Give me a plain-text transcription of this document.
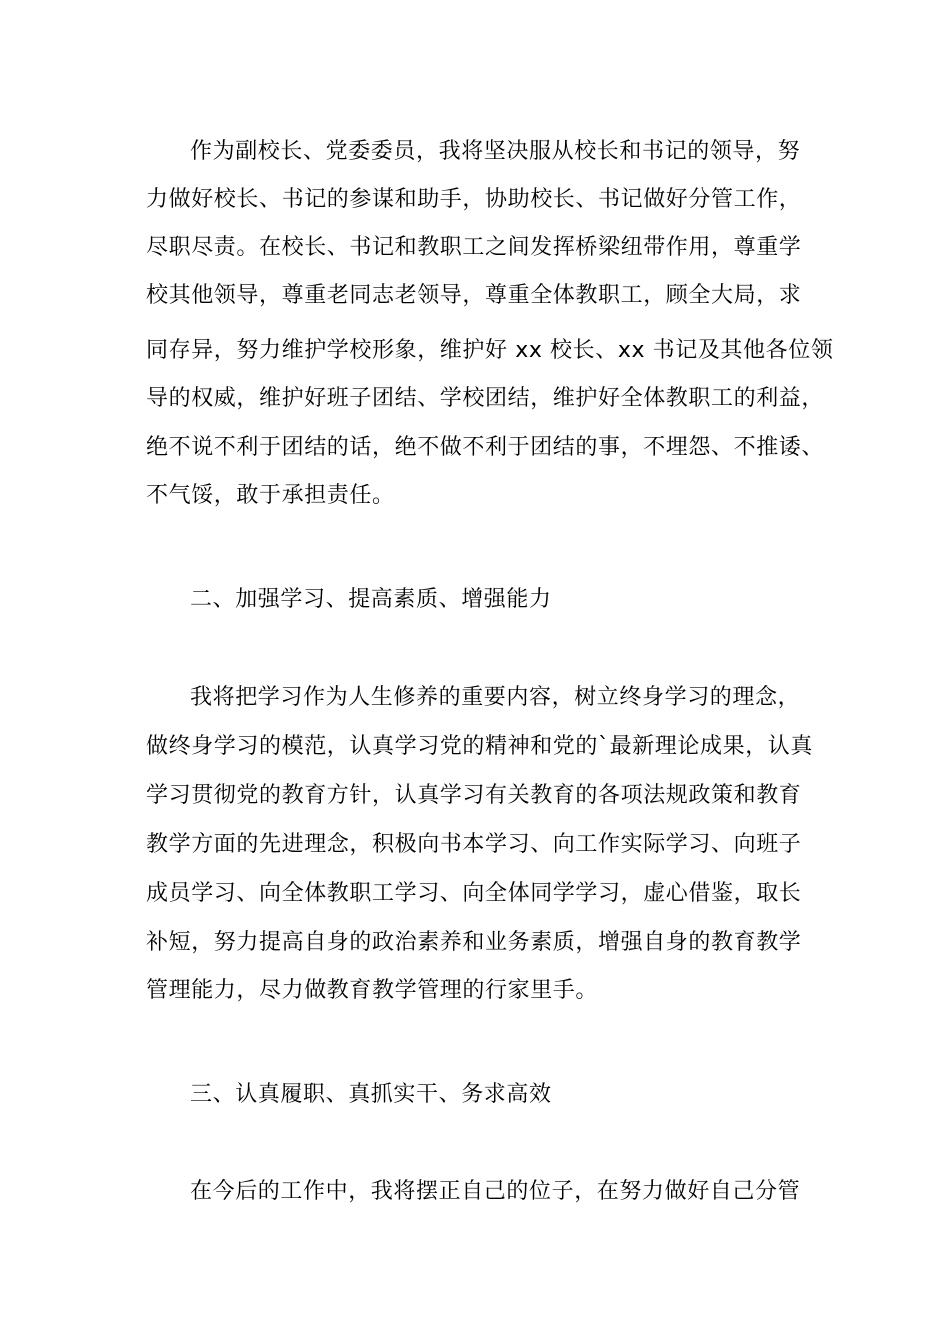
作为副校长、党委委员，我将坚决服从校长和书记的领导，努
力做好校长、书记的参谋和助手，协助校长、书记做好分管工作，
尽职尽责。在校长、书记和教职工之间发挥桥梁纽带作用，尊重学
校其他领导，尊重老同志老领导，尊重全体教职工，顾全大局，求
同存异，努力维护学校形象，维护好 xx 校长、xx 书记及其他各位领
导的权威，维护好班子团结、学校团结，维护好全体教职工的利益，
绝不说不利于团结的话，绝不做不利于团结的事，不埋怨、不推诿、
不气馁，敢于承担责任。
二、加强学习、提高素质、增强能力
我将把学习作为人生修养的重要内容，树立终身学习的理念，
做终身学习的模范，认真学习党的精神和党的`最新理论成果，认真
学习贯彻党的教育方针，认真学习有关教育的各项法规政策和教育
教学方面的先进理念，积极向书本学习、向工作实际学习、向班子
成员学习、向全体教职工学习、向全体同学学习，虚心借鉴，取长
补短，努力提高自身的政治素养和业务素质，增强自身的教育教学
管理能力，尽力做教育教学管理的行家里手。
三、认真履职、真抓实干、务求高效
在今后的工作中，我将摆正自己的位子，在努力做好自己分管
